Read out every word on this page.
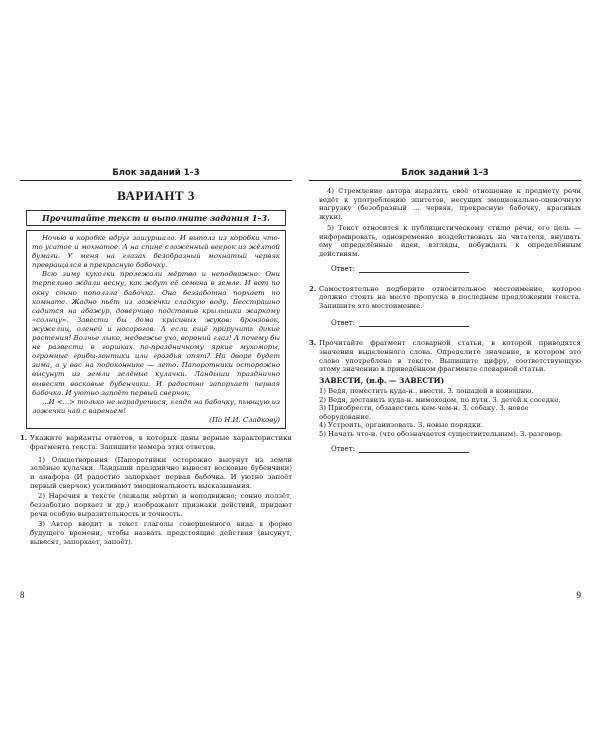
Блок заданий 1–3
ВАРИАНТ 3
Прочитайте текст и выполните задания 1–3.

Ночью в коробке вдруг зашуршало. И выполз из коробки что-то усатое и мохнатое. А на спине сложенный веерок из жёлтой бумаги. У меня на глазах безобразный мохнатый червяк превращался в прекрасную бабочку.

Всю зиму куколки пролежали мёртво и неподвижно. Они терпеливо ждали весну, как ждут её семена в земле. И вот по окну сонно поползла бабочка. Она беззаботно порхает по комнате. Жадно пьёт из ложечки сладкую воду. Бесстрашно садится на абажур, доверчиво подставив крылышки жаркому «солнцу». Завести бы дома красивых жуков: бронзовок, жужелиц, оленей и носорогов. А если ещё приручить дикие растения! Волчье лыко, медвежье ухо, вороний глаз! А почему бы не развести в горшках по-праздничному яркие мухоморы, огромные грибы-зонтики или гроздья опят? На дворе будет зима, а у вас на подоконнике — лето. Папоротники осторожно высунут из земли зелёные кулачки. Ландыши празднично вывесят восковые бубенчики. И радостно запорхает первая бабочка. И уютно запоёт первый сверчок.

...И <...> только не нарадуешься, глядя на бабочку, пьющую из ложечки чай с вареньем!

(По Н.И. Сладкову)
1. Укажите варианты ответов, в которых даны верные характеристики фрагмента текста. Запишите номера этих ответов.

1) Олицетворения (Папоротники осторожно высунут из земли зелёные кулачки. Ландыши празднично вывесят восковые бубенчики) и анафора (И радостно запорхает первая бабочка. И уютно запоёт первый сверчок) усиливают эмоциональность высказывания.
2) Наречия в тексте (лежали мёртво и неподвижно; сонно ползёт, беззаботно порхает и др.) изображают признаки действий, придают речи особую выразительность и точность.
3) Автор вводит в текст глаголы совершенного вида в форме будущего времени, чтобы назвать предстоящие действия (высунут, вывесят, запорхает, запоёт).
8
Блок заданий 1–3
4) Стремление автора выразить своё отношение к предмету речи ведёт к употреблению эпитетов, несущих эмоционально-оценочную нагрузку (безобразный ... червяк, прекрасную бабочку, красивых жуки).
5) Текст относится к публицистическому стилю речи, его цель — информировать, одновременно воздействовать на читателя, внушать ему определённые идеи, взгляды, побуждать к определённым действиям.
Ответ:
2. Самостоятельно подберите относительное местоимение, которое должно стоять на месте пропуска в последнем предложении текста. Запишите это местоимение.

Ответ:
3. Прочитайте фрагмент словарной статьи, в которой приводятся значения выделенного слова. Определите значение, в котором это слово употреблено в тексте. Выпишите цифру, соответствующую этому значению в приведённом фрагменте словарной статьи.

ЗАВЕСТИ, (н.ф. — ЗАВЕСТИ)
1) Ведя, поместить куда-н., ввести. З. лошадей в конюшню.
2) Ведя, доставить куда-н. мимоходом, по пути. З. детей к соседке.
3) Приобрести, обзавестись кем-чем-н. З. собаку. З. новое оборудование.
4) Устроить, организовать. З. новые порядки.
5) Начать что-н. (что обозначается существительным). З. разговор.
Ответ:
9
